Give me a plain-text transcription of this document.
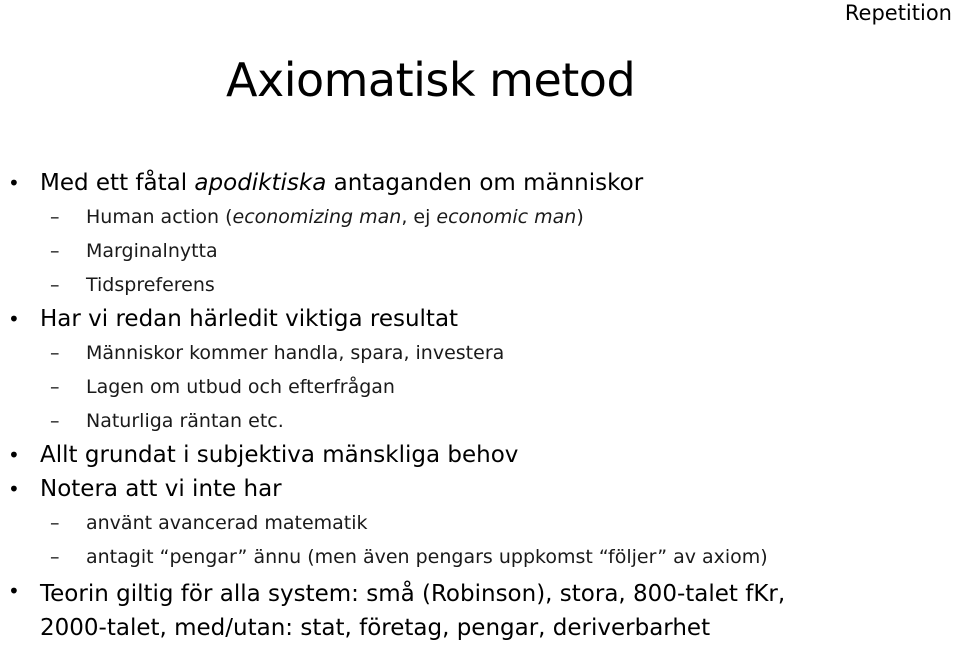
Repetition
Axiomatisk metod
• Med ett fåtal apodiktiska antaganden om människor
– Human action (economizing man, ej economic man)
– Marginalnytta
– Tidspreferens
• Har vi redan härledit viktiga resultat
– Människor kommer handla, spara, investera
– Lagen om utbud och efterfrågan
– Naturliga räntan etc.
• Allt grundat i subjektiva mänskliga behov
• Notera att vi inte har
– använt avancerad matematik
– antagit “pengar” ännu (men även pengars uppkomst “följer” av axiom)
• Teorin giltig för alla system: små (Robinson), stora, 800-talet fKr,
2000-talet, med/utan: stat, företag, pengar, deriverbarhet
